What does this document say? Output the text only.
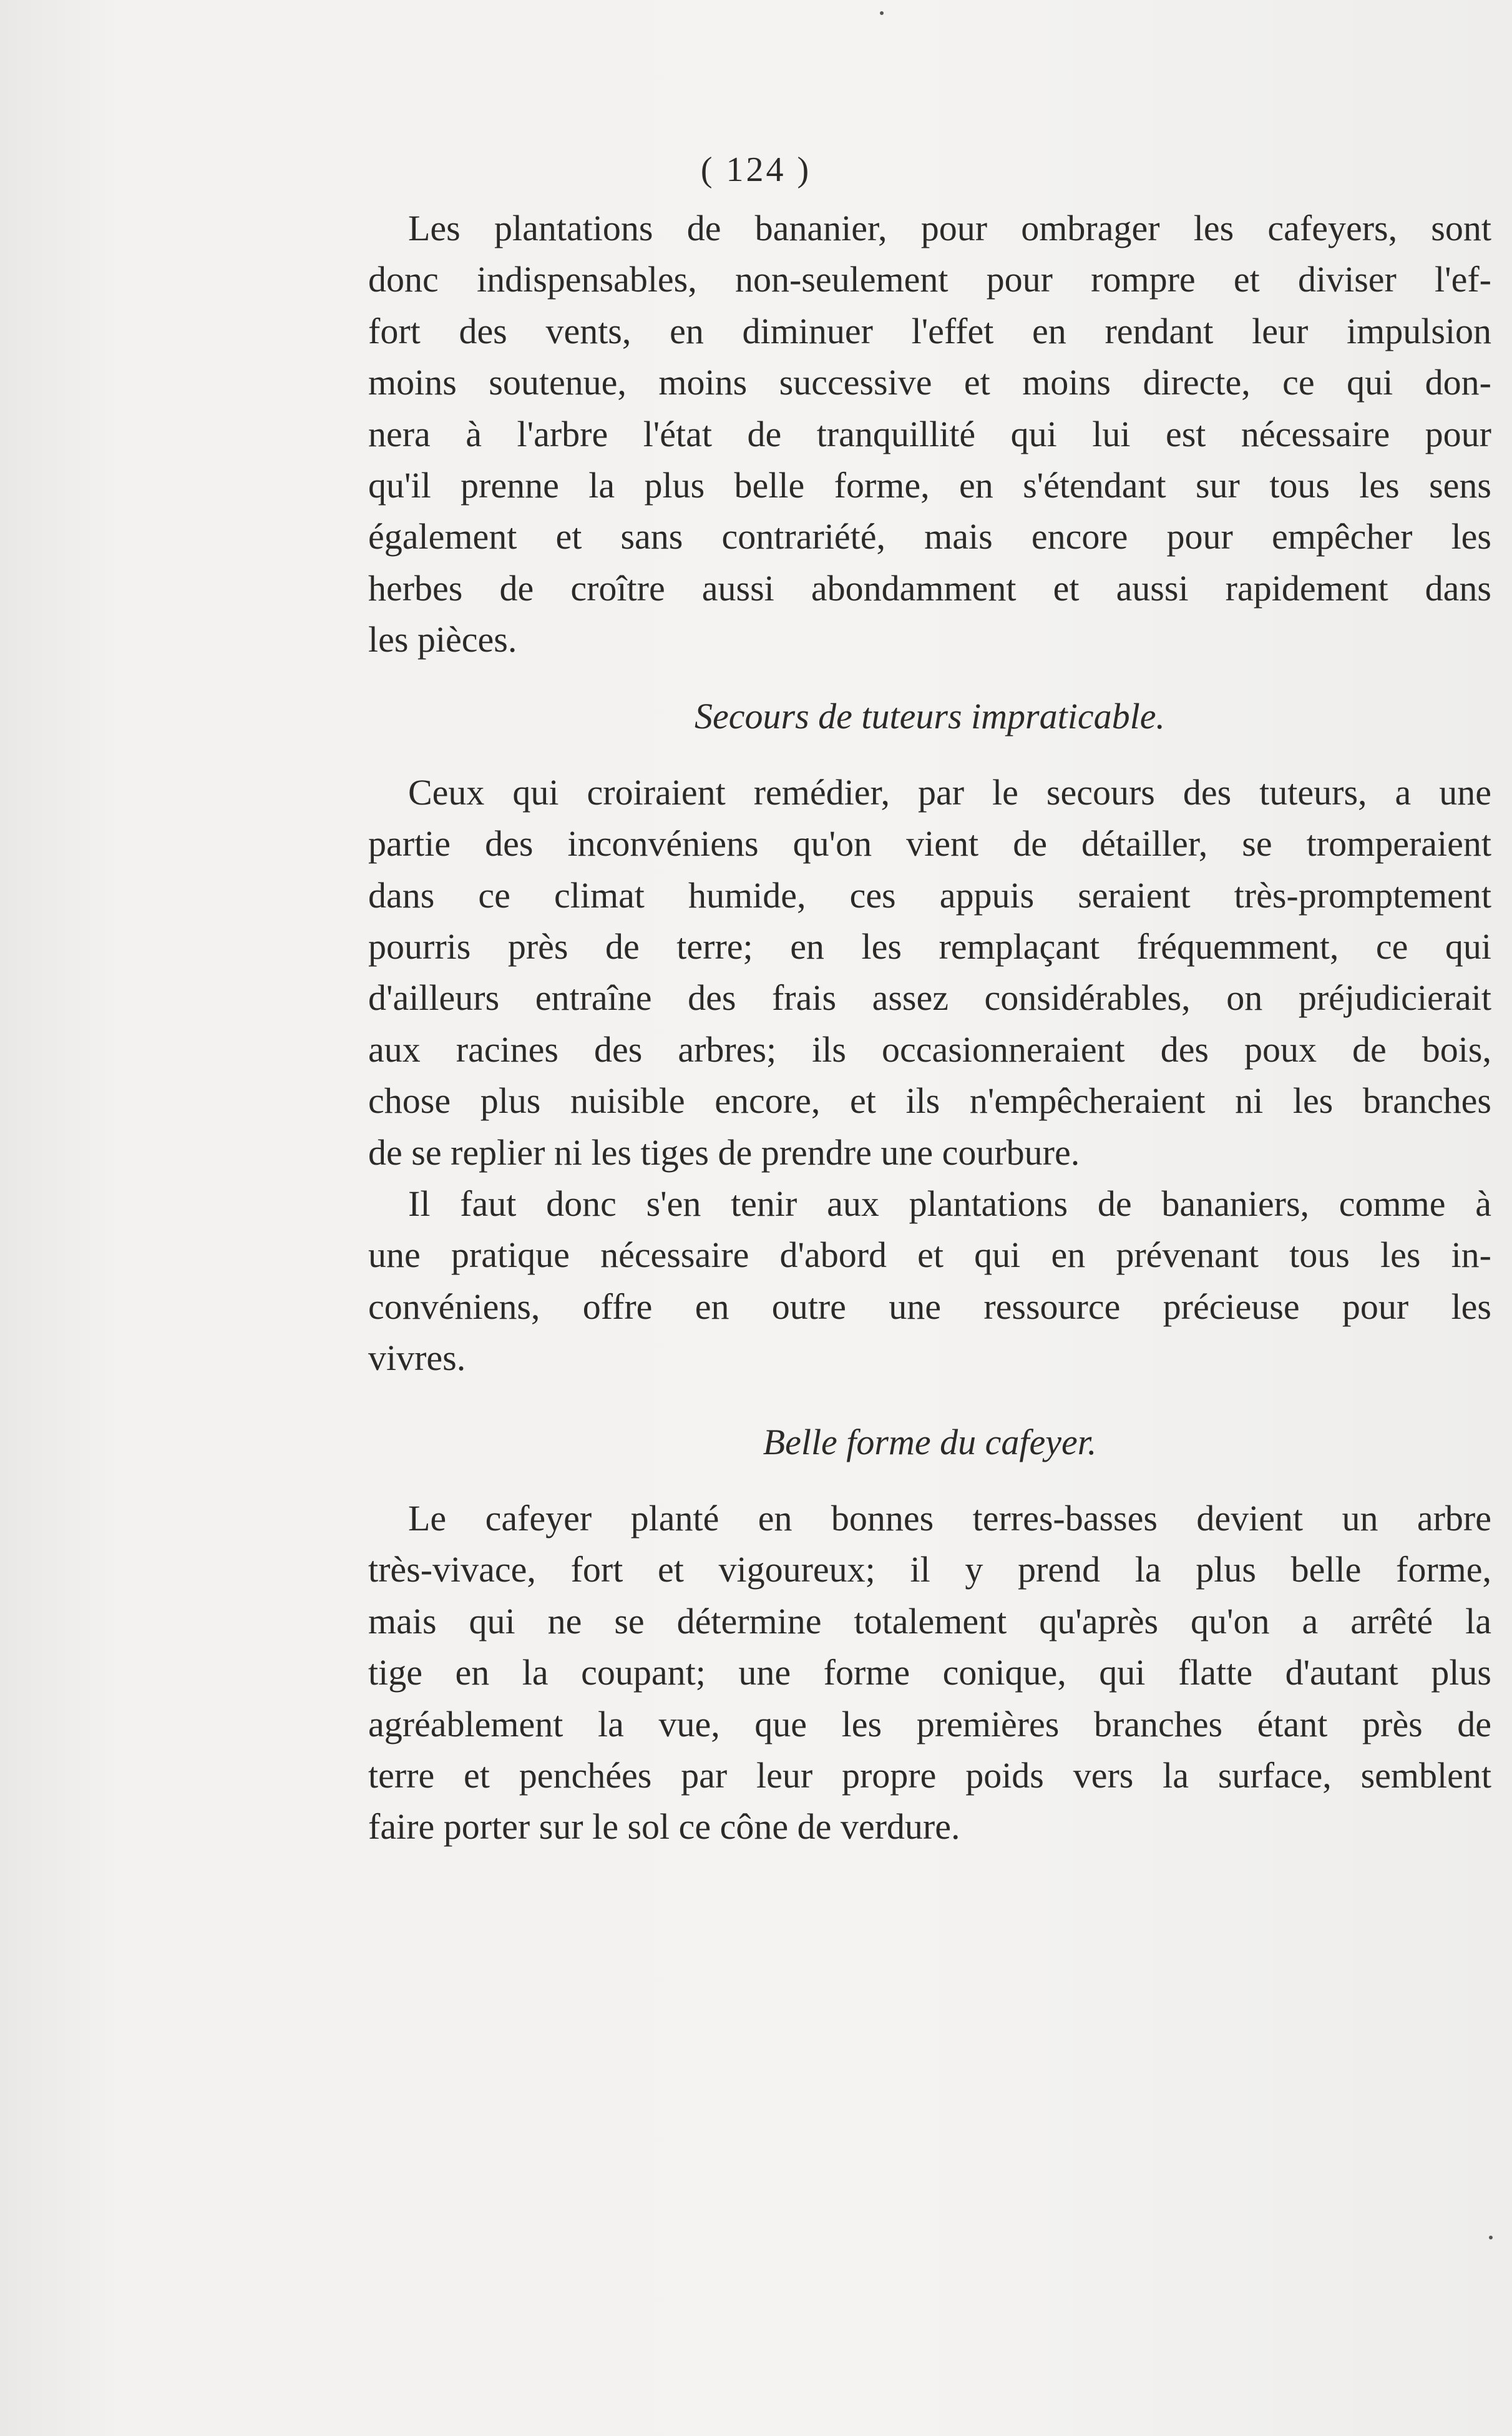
( 124 )
Les plantations de bananier, pour ombrager les cafeyers, sont
donc indispensables, non-seulement pour rompre et diviser l'ef-
fort des vents, en diminuer l'effet en rendant leur impulsion
moins soutenue, moins successive et moins directe, ce qui don-
nera à l'arbre l'état de tranquillité qui lui est nécessaire pour
qu'il prenne la plus belle forme, en s'étendant sur tous les sens
également et sans contrariété, mais encore pour empêcher les
herbes de croître aussi abondamment et aussi rapidement dans
les pièces.
Secours de tuteurs impraticable.
Ceux qui croiraient remédier, par le secours des tuteurs, a une
partie des inconvéniens qu'on vient de détailler, se tromperaient
dans ce climat humide, ces appuis seraient très-promptement
pourris près de terre; en les remplaçant fréquemment, ce qui
d'ailleurs entraîne des frais assez considérables, on préjudicierait
aux racines des arbres; ils occasionneraient des poux de bois,
chose plus nuisible encore, et ils n'empêcheraient ni les branches
de se replier ni les tiges de prendre une courbure.
Il faut donc s'en tenir aux plantations de bananiers, comme à
une pratique nécessaire d'abord et qui en prévenant tous les in-
convéniens, offre en outre une ressource précieuse pour les
vivres.
Belle forme du cafeyer.
Le cafeyer planté en bonnes terres-basses devient un arbre
très-vivace, fort et vigoureux; il y prend la plus belle forme,
mais qui ne se détermine totalement qu'après qu'on a arrêté la
tige en la coupant; une forme conique, qui flatte d'autant plus
agréablement la vue, que les premières branches étant près de
terre et penchées par leur propre poids vers la surface, semblent
faire porter sur le sol ce cône de verdure.
